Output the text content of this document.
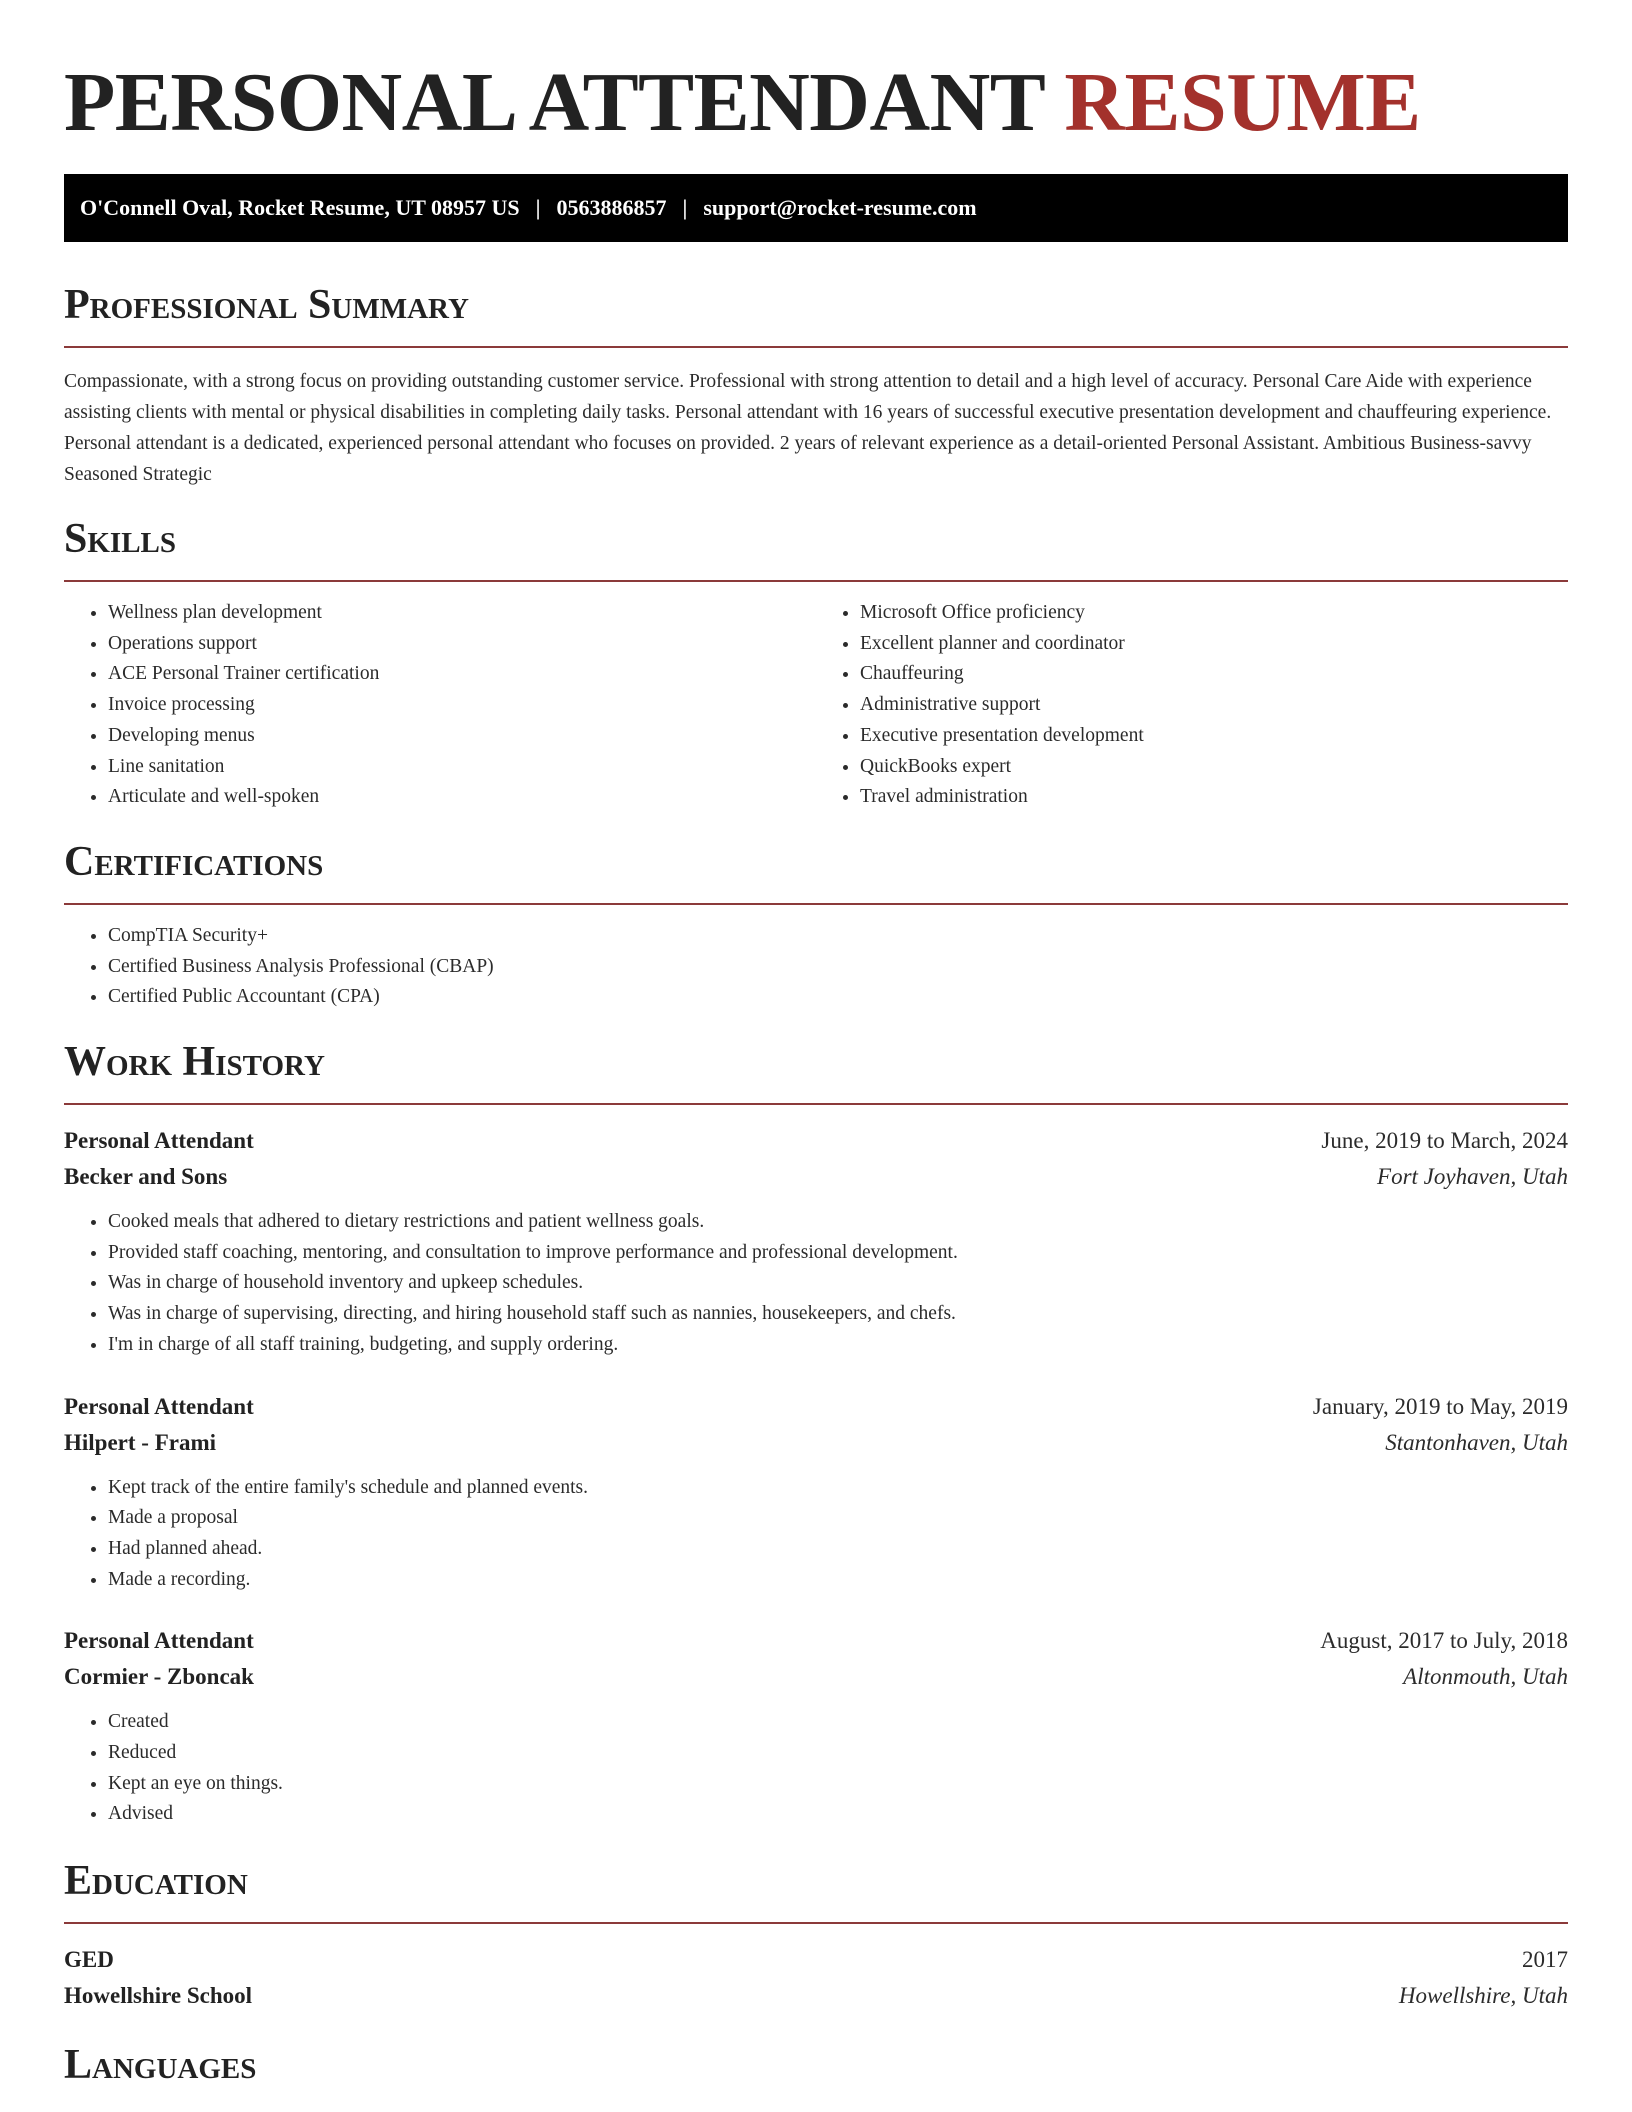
PERSONAL ATTENDANT RESUME
O'Connell Oval, Rocket Resume, UT 08957 US | 0563886857 | support@rocket-resume.com
Professional Summary

Compassionate, with a strong focus on providing outstanding customer service. Professional with strong attention to detail and a high level of accuracy. Personal Care Aide with experience assisting clients with mental or physical disabilities in completing daily tasks. Personal attendant with 16 years of successful executive presentation development and chauffeuring experience. Personal attendant is a dedicated, experienced personal attendant who focuses on provided. 2 years of relevant experience as a detail-oriented Personal Assistant. Ambitious Business-savvy Seasoned Strategic

Skills
• Wellness plan development
• Operations support
• ACE Personal Trainer certification
• Invoice processing
• Developing menus
• Line sanitation
• Articulate and well-spoken
• Microsoft Office proficiency
• Excellent planner and coordinator
• Chauffeuring
• Administrative support
• Executive presentation development
• QuickBooks expert
• Travel administration
Certifications
• CompTIA Security+
• Certified Business Analysis Professional (CBAP)
• Certified Public Accountant (CPA)
Work History
Personal Attendant	June, 2019 to March, 2024
Becker and Sons	Fort Joyhaven, Utah
• Cooked meals that adhered to dietary restrictions and patient wellness goals.
• Provided staff coaching, mentoring, and consultation to improve performance and professional development.
• Was in charge of household inventory and upkeep schedules.
• Was in charge of supervising, directing, and hiring household staff such as nannies, housekeepers, and chefs.
• I'm in charge of all staff training, budgeting, and supply ordering.
Personal Attendant	January, 2019 to May, 2019
Hilpert - Frami	Stantonhaven, Utah
• Kept track of the entire family's schedule and planned events.
• Made a proposal
• Had planned ahead.
• Made a recording.
Personal Attendant	August, 2017 to July, 2018
Cormier - Zboncak	Altonmouth, Utah
• Created
• Reduced
• Kept an eye on things.
• Advised
Education
GED	2017
Howellshire School	Howellshire, Utah
Languages
